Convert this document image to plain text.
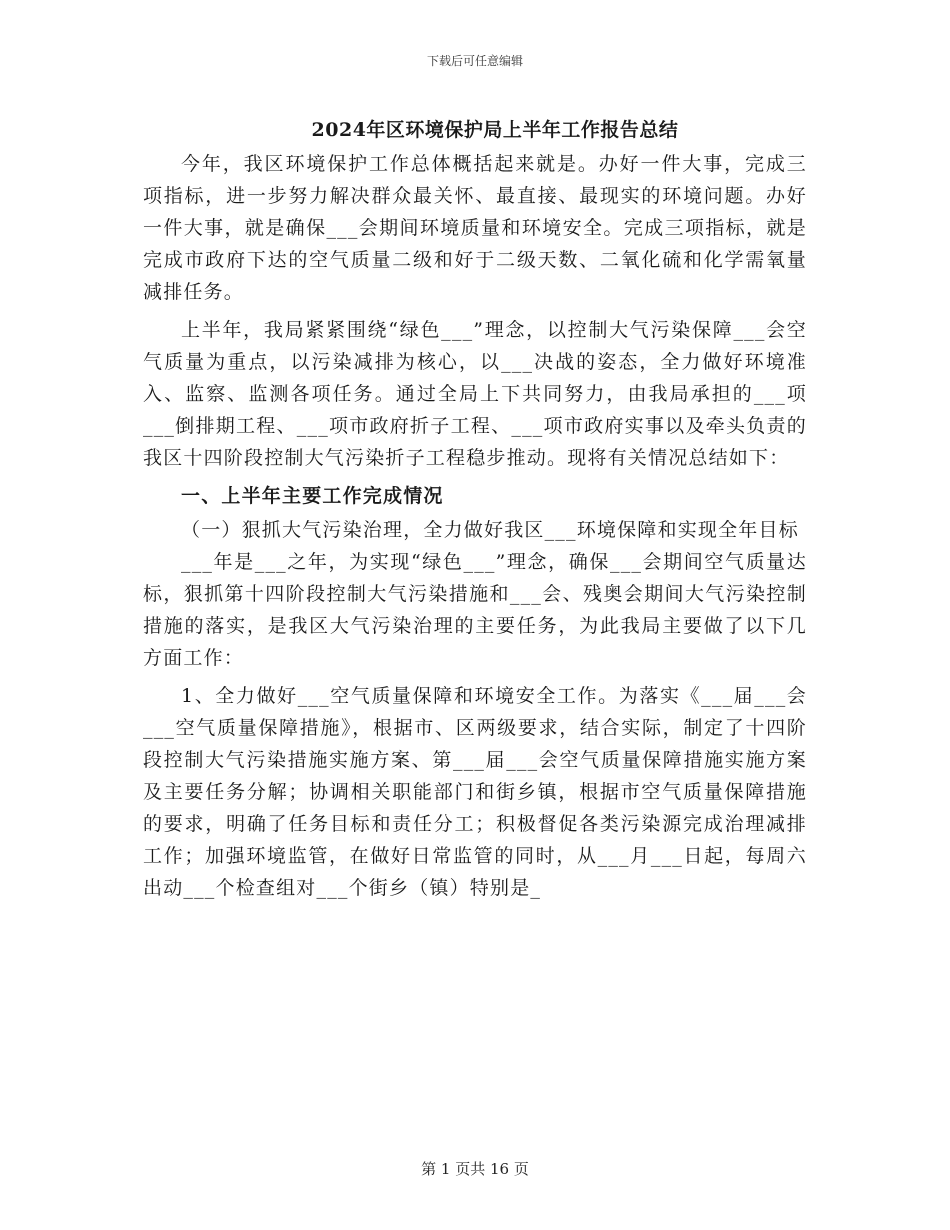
下载后可任意编辑
2024年区环境保护局上半年工作报告总结

今年，我区环境保护工作总体概括起来就是。办好一件大事，完成三项指标，进一步努力解决群众最关怀、最直接、最现实的环境问题。办好一件大事，就是确保___会期间环境质量和环境安全。完成三项指标，就是完成市政府下达的空气质量二级和好于二级天数、二氧化硫和化学需氧量减排任务。

上半年，我局紧紧围绕“绿色___”理念，以控制大气污染保障___会空气质量为重点，以污染减排为核心，以___决战的姿态，全力做好环境准入、监察、监测各项任务。通过全局上下共同努力，由我局承担的___项___倒排期工程、___项市政府折子工程、___项市政府实事以及牵头负责的我区十四阶段控制大气污染折子工程稳步推动。现将有关情况总结如下：

一、上半年主要工作完成情况
（一）狠抓大气污染治理，全力做好我区___环境保障和实现全年目标

___年是___之年，为实现“绿色___”理念，确保___会期间空气质量达标，狠抓第十四阶段控制大气污染措施和___会、残奥会期间大气污染控制措施的落实，是我区大气污染治理的主要任务，为此我局主要做了以下几方面工作：

1、全力做好___空气质量保障和环境安全工作。为落实《___届___会___空气质量保障措施》，根据市、区两级要求，结合实际，制定了十四阶段控制大气污染措施实施方案、第___届___会空气质量保障措施实施方案及主要任务分解；协调相关职能部门和街乡镇，根据市空气质量保障措施的要求，明确了任务目标和责任分工；积极督促各类污染源完成治理减排工作；加强环境监管，在做好日常监管的同时，从___月___日起，每周六出动___个检查组对___个街乡（镇）特别是_

第 1 页共 16 页
